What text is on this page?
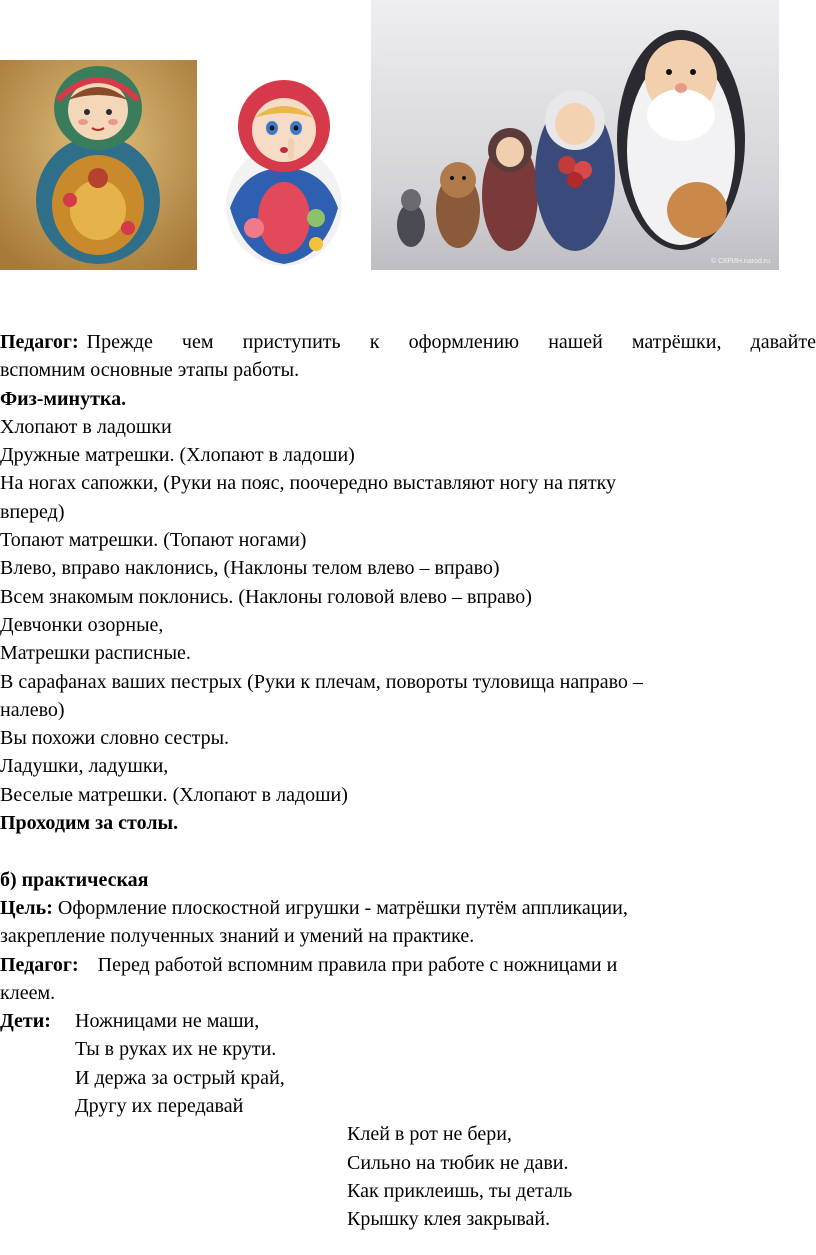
© СКРИН.narod.ru
Педагог: Прежде чем приступить к оформлению нашей матрёшки, давайте
вспомним основные этапы работы.
Физ-минутка.
Хлопают в ладошки
Дружные матрешки. (Хлопают в ладоши)
На ногах сапожки, (Руки на пояс, поочередно выставляют ногу на пятку
вперед)
Топают матрешки. (Топают ногами)
Влево, вправо наклонись, (Наклоны телом влево – вправо)
Всем знакомым поклонись. (Наклоны головой влево – вправо)
Девчонки озорные,
Матрешки расписные.
В сарафанах ваших пестрых (Руки к плечам, повороты туловища направо –
налево)
Вы похожи словно сестры.
Ладушки, ладушки,
Веселые матрешки. (Хлопают в ладоши)
Проходим за столы.
б) практическая
Цель: Оформление плоскостной игрушки - матрёшки путём аппликации,
закрепление полученных знаний и умений на практике.
Педагог: Перед работой вспомним правила при работе с ножницами и
клеем.
Дети: Ножницами не маши,
Ты в руках их не крути.
И держа за острый край,
Другу их передавай
Клей в рот не бери,
Сильно на тюбик не дави.
Как приклеишь, ты деталь
Крышку клея закрывай.
